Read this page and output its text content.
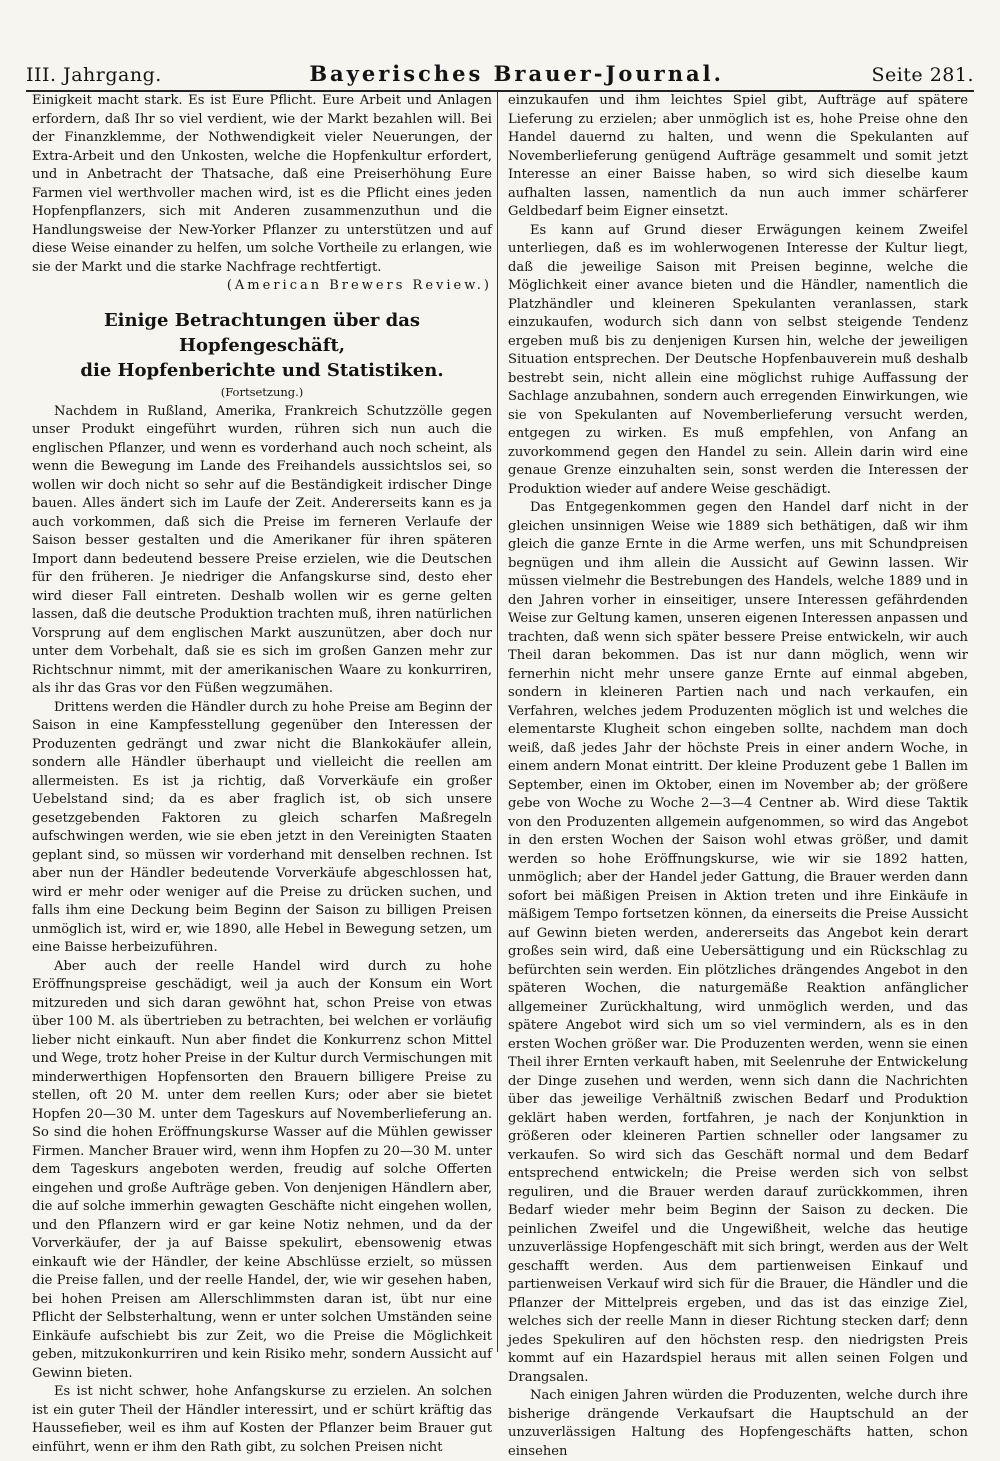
III. Jahrgang.	Bayerisches Brauer-Journal.	Seite 281.

Einigkeit macht stark. Es ist Eure Pflicht. Eure Arbeit und Anlagen erfordern, daß Ihr so viel verdient, wie der Markt bezahlen will. Bei der Finanzklemme, der Nothwendigkeit vieler Neuerungen, der Extra-Arbeit und den Unkosten, welche die Hopfenkultur erfordert, und in Anbetracht der Thatsache, daß eine Preiserhöhung Eure Farmen viel werthvoller machen wird, ist es die Pflicht eines jeden Hopfenpflanzers, sich mit Anderen zusammenzuthun und die Handlungsweise der New-Yorker Pflanzer zu unterstützen und auf diese Weise einander zu helfen, um solche Vortheile zu erlangen, wie sie der Markt und die starke Nachfrage rechtfertigt.

(American Brewers Review.)

Einige Betrachtungen über das Hopfengeschäft,
die Hopfenberichte und Statistiken.
(Fortsetzung.)

Nachdem in Rußland, Amerika, Frankreich Schutzzölle gegen unser Produkt eingeführt wurden, rühren sich nun auch die englischen Pflanzer, und wenn es vorderhand auch noch scheint, als wenn die Bewegung im Lande des Freihandels aussichtslos sei, so wollen wir doch nicht so sehr auf die Beständigkeit irdischer Dinge bauen. Alles ändert sich im Laufe der Zeit. Andererseits kann es ja auch vorkommen, daß sich die Preise im ferneren Verlaufe der Saison besser gestalten und die Amerikaner für ihren späteren Import dann bedeutend bessere Preise erzielen, wie die Deutschen für den früheren. Je niedriger die Anfangskurse sind, desto eher wird dieser Fall eintreten. Deshalb wollen wir es gerne gelten lassen, daß die deutsche Produktion trachten muß, ihren natürlichen Vorsprung auf dem englischen Markt auszunützen, aber doch nur unter dem Vorbehalt, daß sie es sich im großen Ganzen mehr zur Richtschnur nimmt, mit der amerikanischen Waare zu konkurriren, als ihr das Gras vor den Füßen wegzumähen.

Drittens werden die Händler durch zu hohe Preise am Beginn der Saison in eine Kampfesstellung gegenüber den Interessen der Produzenten gedrängt und zwar nicht die Blankokäufer allein, sondern alle Händler überhaupt und vielleicht die reellen am allermeisten. Es ist ja richtig, daß Vorverkäufe ein großer Uebelstand sind; da es aber fraglich ist, ob sich unsere gesetzgebenden Faktoren zu gleich scharfen Maßregeln aufschwingen werden, wie sie eben jetzt in den Vereinigten Staaten geplant sind, so müssen wir vorderhand mit denselben rechnen. Ist aber nun der Händler bedeutende Vorverkäufe abgeschlossen hat, wird er mehr oder weniger auf die Preise zu drücken suchen, und falls ihm eine Deckung beim Beginn der Saison zu billigen Preisen unmöglich ist, wird er, wie 1890, alle Hebel in Bewegung setzen, um eine Baisse herbeizuführen.

Aber auch der reelle Handel wird durch zu hohe Eröffnungspreise geschädigt, weil ja auch der Konsum ein Wort mitzureden und sich daran gewöhnt hat, schon Preise von etwas über 100 M. als übertrieben zu betrachten, bei welchen er vorläufig lieber nicht einkauft. Nun aber findet die Konkurrenz schon Mittel und Wege, trotz hoher Preise in der Kultur durch Vermischungen mit minderwerthigen Hopfensorten den Brauern billigere Preise zu stellen, oft 20 M. unter dem reellen Kurs; oder aber sie bietet Hopfen 20—30 M. unter dem Tageskurs auf Novemberlieferung an. So sind die hohen Eröffnungskurse Wasser auf die Mühlen gewisser Firmen. Mancher Brauer wird, wenn ihm Hopfen zu 20—30 M. unter dem Tageskurs angeboten werden, freudig auf solche Offerten eingehen und große Aufträge geben. Von denjenigen Händlern aber, die auf solche immerhin gewagten Geschäfte nicht eingehen wollen, und den Pflanzern wird er gar keine Notiz nehmen, und da der Vorverkäufer, der ja auf Baisse spekulirt, ebensowenig etwas einkauft wie der Händler, der keine Abschlüsse erzielt, so müssen die Preise fallen, und der reelle Handel, der, wie wir gesehen haben, bei hohen Preisen am Allerschlimmsten daran ist, übt nur eine Pflicht der Selbsterhaltung, wenn er unter solchen Umständen seine Einkäufe aufschiebt bis zur Zeit, wo die Preise die Möglichkeit geben, mitzukonkurriren und kein Risiko mehr, sondern Aussicht auf Gewinn bieten.

Es ist nicht schwer, hohe Anfangskurse zu erzielen. An solchen ist ein guter Theil der Händler interessirt, und er schürt kräftig das Haussefieber, weil es ihm auf Kosten der Pflanzer beim Brauer gut einführt, wenn er ihm den Rath gibt, zu solchen Preisen nicht

einzukaufen und ihm leichtes Spiel gibt, Aufträge auf spätere Lieferung zu erzielen; aber unmöglich ist es, hohe Preise ohne den Handel dauernd zu halten, und wenn die Spekulanten auf Novemberlieferung genügend Aufträge gesammelt und somit jetzt Interesse an einer Baisse haben, so wird sich dieselbe kaum aufhalten lassen, namentlich da nun auch immer schärferer Geldbedarf beim Eigner einsetzt.

Es kann auf Grund dieser Erwägungen keinem Zweifel unterliegen, daß es im wohlerwogenen Interesse der Kultur liegt, daß die jeweilige Saison mit Preisen beginne, welche die Möglichkeit einer avance bieten und die Händler, namentlich die Platzhändler und kleineren Spekulanten veranlassen, stark einzukaufen, wodurch sich dann von selbst steigende Tendenz ergeben muß bis zu denjenigen Kursen hin, welche der jeweiligen Situation entsprechen. Der Deutsche Hopfenbauverein muß deshalb bestrebt sein, nicht allein eine möglichst ruhige Auffassung der Sachlage anzubahnen, sondern auch erregenden Einwirkungen, wie sie von Spekulanten auf Novemberlieferung versucht werden, entgegen zu wirken. Es muß empfehlen, von Anfang an zuvorkommend gegen den Handel zu sein. Allein darin wird eine genaue Grenze einzuhalten sein, sonst werden die Interessen der Produktion wieder auf andere Weise geschädigt.

Das Entgegenkommen gegen den Handel darf nicht in der gleichen unsinnigen Weise wie 1889 sich bethätigen, daß wir ihm gleich die ganze Ernte in die Arme werfen, uns mit Schundpreisen begnügen und ihm allein die Aussicht auf Gewinn lassen. Wir müssen vielmehr die Bestrebungen des Handels, welche 1889 und in den Jahren vorher in einseitiger, unsere Interessen gefährdenden Weise zur Geltung kamen, unseren eigenen Interessen anpassen und trachten, daß wenn sich später bessere Preise entwickeln, wir auch Theil daran bekommen. Das ist nur dann möglich, wenn wir fernerhin nicht mehr unsere ganze Ernte auf einmal abgeben, sondern in kleineren Partien nach und nach verkaufen, ein Verfahren, welches jedem Produzenten möglich ist und welches die elementarste Klugheit schon eingeben sollte, nachdem man doch weiß, daß jedes Jahr der höchste Preis in einer andern Woche, in einem andern Monat eintritt. Der kleine Produzent gebe 1 Ballen im September, einen im Oktober, einen im November ab; der größere gebe von Woche zu Woche 2—3—4 Centner ab. Wird diese Taktik von den Produzenten allgemein aufgenommen, so wird das Angebot in den ersten Wochen der Saison wohl etwas größer, und damit werden so hohe Eröffnungskurse, wie wir sie 1892 hatten, unmöglich; aber der Handel jeder Gattung, die Brauer werden dann sofort bei mäßigen Preisen in Aktion treten und ihre Einkäufe in mäßigem Tempo fortsetzen können, da einerseits die Preise Aussicht auf Gewinn bieten werden, andererseits das Angebot kein derart großes sein wird, daß eine Uebersättigung und ein Rückschlag zu befürchten sein werden. Ein plötzliches drängendes Angebot in den späteren Wochen, die naturgemäße Reaktion anfänglicher allgemeiner Zurückhaltung, wird unmöglich werden, und das spätere Angebot wird sich um so viel vermindern, als es in den ersten Wochen größer war. Die Produzenten werden, wenn sie einen Theil ihrer Ernten verkauft haben, mit Seelenruhe der Entwickelung der Dinge zusehen und werden, wenn sich dann die Nachrichten über das jeweilige Verhältniß zwischen Bedarf und Produktion geklärt haben werden, fortfahren, je nach der Konjunktion in größeren oder kleineren Partien schneller oder langsamer zu verkaufen. So wird sich das Geschäft normal und dem Bedarf entsprechend entwickeln; die Preise werden sich von selbst reguliren, und die Brauer werden darauf zurückkommen, ihren Bedarf wieder mehr beim Beginn der Saison zu decken. Die peinlichen Zweifel und die Ungewißheit, welche das heutige unzuverlässige Hopfengeschäft mit sich bringt, werden aus der Welt geschafft werden. Aus dem partienweisen Einkauf und partienweisen Verkauf wird sich für die Brauer, die Händler und die Pflanzer der Mittelpreis ergeben, und das ist das einzige Ziel, welches sich der reelle Mann in dieser Richtung stecken darf; denn jedes Spekuliren auf den höchsten resp. den niedrigsten Preis kommt auf ein Hazardspiel heraus mit allen seinen Folgen und Drangsalen.

Nach einigen Jahren würden die Produzenten, welche durch ihre bisherige drängende Verkaufsart die Hauptschuld an der unzuverlässigen Haltung des Hopfengeschäfts hatten, schon einsehen
